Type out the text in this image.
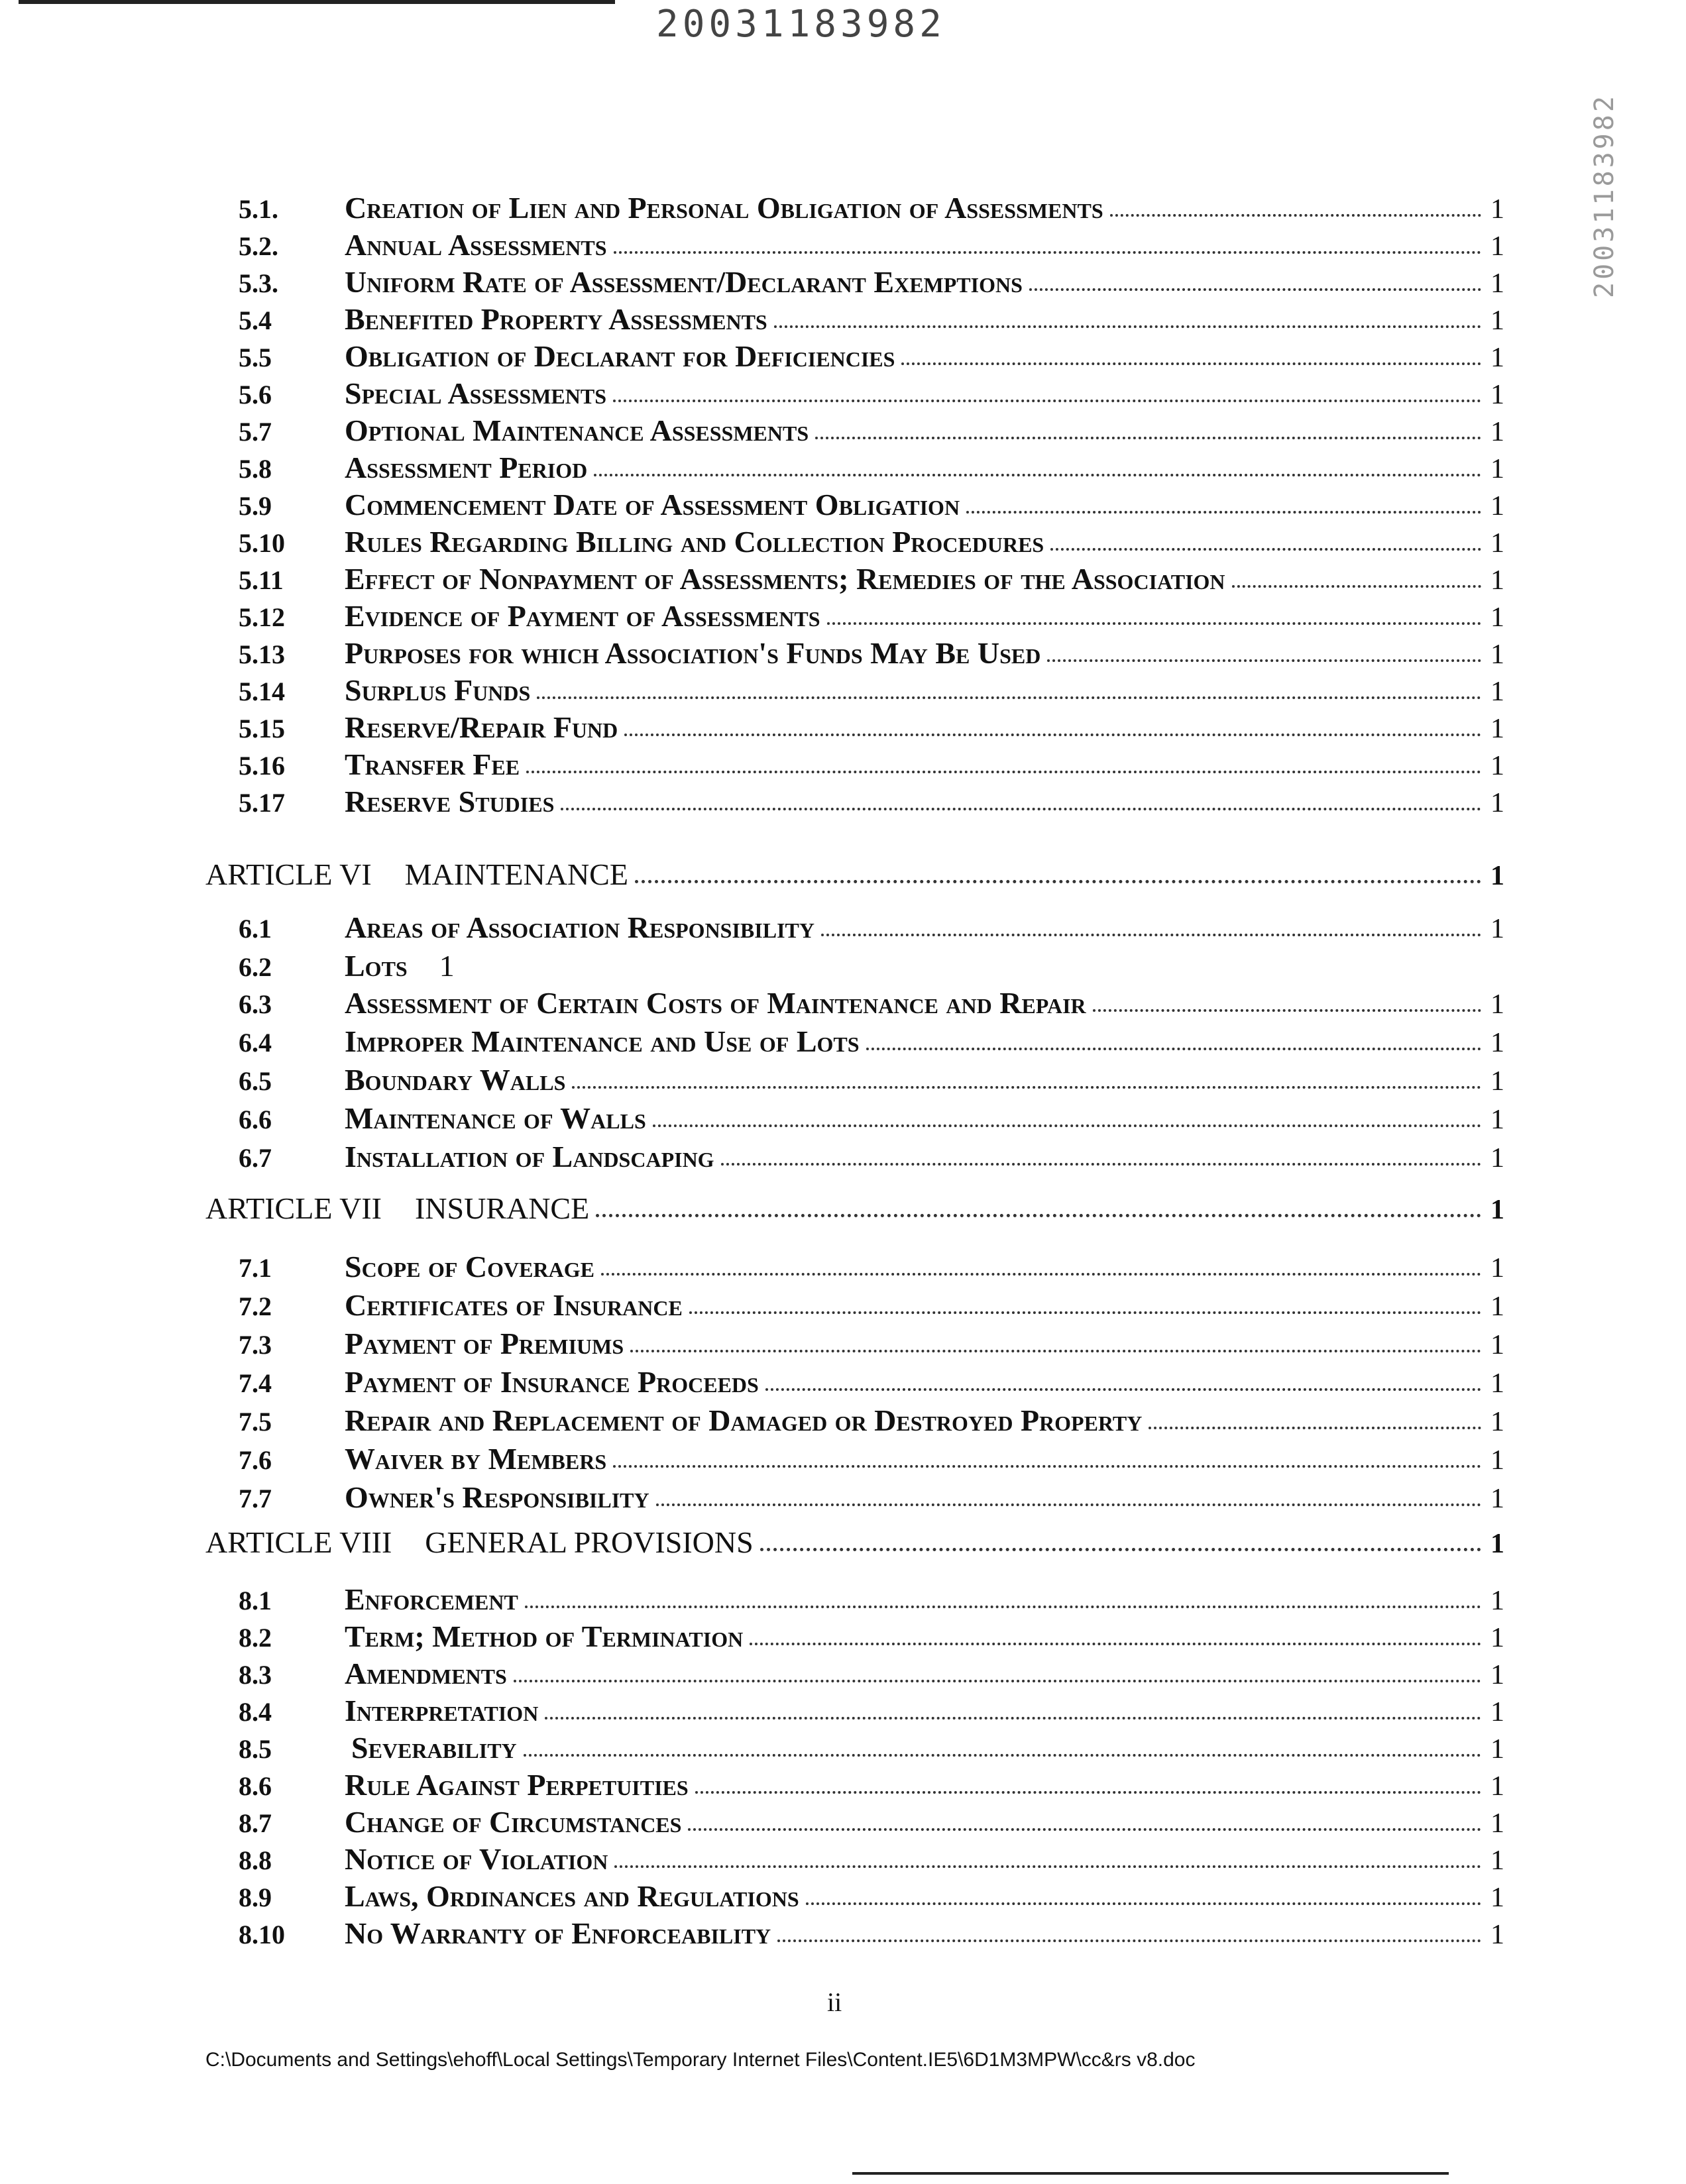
20031183982
20031183982
5.1.	Creation of Lien and Personal Obligation of Assessments	1
5.2.	Annual Assessments	1
5.3.	Uniform Rate of Assessment/Declarant Exemptions	1
5.4	Benefited Property Assessments	1
5.5	Obligation of Declarant for Deficiencies	1
5.6	Special Assessments	1
5.7	Optional Maintenance Assessments	1
5.8	Assessment Period	1
5.9	Commencement Date of Assessment Obligation	1
5.10	Rules Regarding Billing and Collection Procedures	1
5.11	Effect of Nonpayment of Assessments; Remedies of the Association	1
5.12	Evidence of Payment of Assessments	1
5.13	Purposes for which Association's Funds May Be Used	1
5.14	Surplus Funds	1
5.15	Reserve/Repair Fund	1
5.16	Transfer Fee	1
5.17	Reserve Studies	1
ARTICLE VI MAINTENANCE	1
6.1	Areas of Association Responsibility	1
6.2	Lots 1
6.3	Assessment of Certain Costs of Maintenance and Repair	1
6.4	Improper Maintenance and Use of Lots	1
6.5	Boundary Walls	1
6.6	Maintenance of Walls	1
6.7	Installation of Landscaping	1
ARTICLE VII INSURANCE	1
7.1	Scope of Coverage	1
7.2	Certificates of Insurance	1
7.3	Payment of Premiums	1
7.4	Payment of Insurance Proceeds	1
7.5	Repair and Replacement of Damaged or Destroyed Property	1
7.6	Waiver by Members	1
7.7	Owner's Responsibility	1
ARTICLE VIII GENERAL PROVISIONS	1
8.1	Enforcement	1
8.2	Term; Method of Termination	1
8.3	Amendments	1
8.4	Interpretation	1
8.5	Severability	1
8.6	Rule Against Perpetuities	1
8.7	Change of Circumstances	1
8.8	Notice of Violation	1
8.9	Laws, Ordinances and Regulations	1
8.10	No Warranty of Enforceability	1
ii
C:\Documents and Settings\ehoff\Local Settings\Temporary Internet Files\Content.IE5\6D1M3MPW\cc&rs v8.doc
